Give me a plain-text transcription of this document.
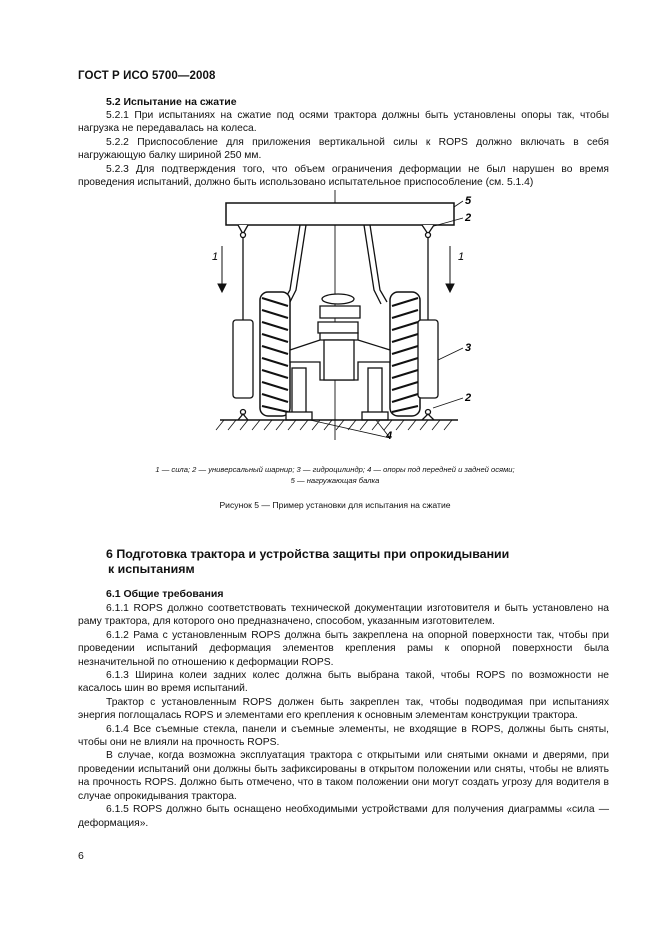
ГОСТ Р ИСО 5700—2008
5.2 Испытание на сжатие

5.2.1 При испытаниях на сжатие под осями трактора должны быть установлены опоры так, чтобы нагрузка не передавалась на колеса.

5.2.2 Приспособление для приложения вертикальной силы к ROPS должно включать в себя нагружающую балку шириной 250 мм.

5.2.3 Для подтверждения того, что объем ограничения деформации не был нарушен во время проведения испытаний, должно быть использовано испытательное приспособление (см. 5.1.4)

1	1
5
2
3
2
4
1 — сила; 2 — универсальный шарнир; 3 — гидроцилиндр; 4 — опоры под передней и задней осями;
5 — нагружающая балка
Рисунок 5 — Пример установки для испытания на сжатие
6 Подготовка трактора и устройства защиты при опрокидывании
к испытаниям
6.1 Общие требования

6.1.1 ROPS должно соответствовать технической документации изготовителя и быть установлено на раму трактора, для которого оно предназначено, способом, указанным изготовителем.

6.1.2 Рама с установленным ROPS должна быть закреплена на опорной поверхности так, чтобы при проведении испытаний деформация элементов крепления рамы к опорной поверхности была незначительной по отношению к деформации ROPS.

6.1.3 Ширина колеи задних колес должна быть выбрана такой, чтобы ROPS по возможности не касалось шин во время испытаний.

Трактор с установленным ROPS должен быть закреплен так, чтобы подводимая при испытаниях энергия поглощалась ROPS и элементами его крепления к основным элементам конструкции трактора.

6.1.4 Все съемные стекла, панели и съемные элементы, не входящие в ROPS, должны быть сняты, чтобы они не влияли на прочность ROPS.

В случае, когда возможна эксплуатация трактора с открытыми или снятыми окнами и дверями, при проведении испытаний они должны быть зафиксированы в открытом положении или сняты, чтобы не влиять на прочность ROPS. Должно быть отмечено, что в таком положении они могут создать угрозу для водителя в случае опрокидывания трактора.

6.1.5 ROPS должно быть оснащено необходимыми устройствами для получения диаграммы «сила — деформация».

6
